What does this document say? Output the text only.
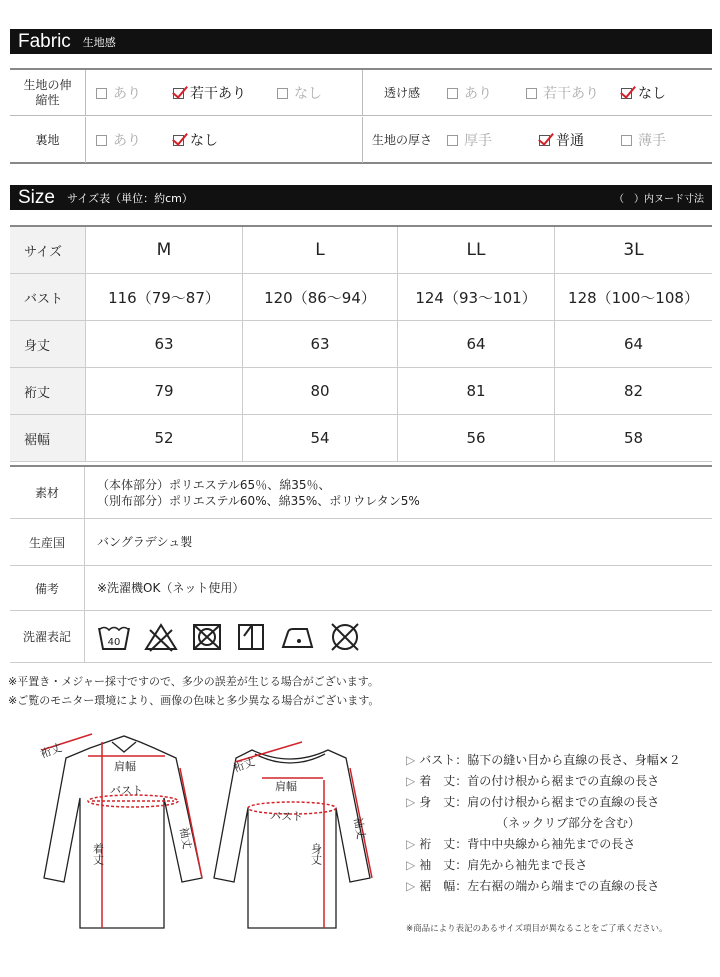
Fabric 生地感
生地の伸縮性	あり	若干あり	なし	透け感	あり	若干あり	なし
裏地	あり	なし	生地の厚さ	厚手	普通	薄手
Size サイズ表（単位：約cm）	（　）内ヌード寸法
サイズ	M	L	LL	3L
バスト	116（79〜87）	120（86〜94）	124（93〜101）	128（100〜108）
身丈	63	63	64	64
裄丈	79	80	81	82
裾幅	52	54	56	58
素材
（本体部分）ポリエステル65％、綿35％、
（別布部分）ポリエステル60%、綿35%、ポリウレタン5%
生産国	バングラデシュ製
備考	※洗濯機OK（ネット使用）
洗濯表記	40
※平置き・メジャー採寸ですので、多少の誤差が生じる場合がございます。
※ご覧のモニター環境により、画像の色味と多少異なる場合がございます。
裄丈
肩幅
バスト
袖丈
着丈
裄丈
肩幅
バスト	袖丈
身丈
▷ バスト：脇下の縫い目から直線の長さ、身幅×２
▷ 着　丈：首の付け根から裾までの直線の長さ
▷ 身　丈：肩の付け根から裾までの直線の長さ
（ネックリブ部分を含む）
▷ 裄　丈：背中中央線から袖先までの長さ
▷ 袖　丈：肩先から袖先まで長さ
▷ 裾　幅：左右裾の端から端までの直線の長さ
※商品により表記のあるサイズ項目が異なることをご了承ください。
